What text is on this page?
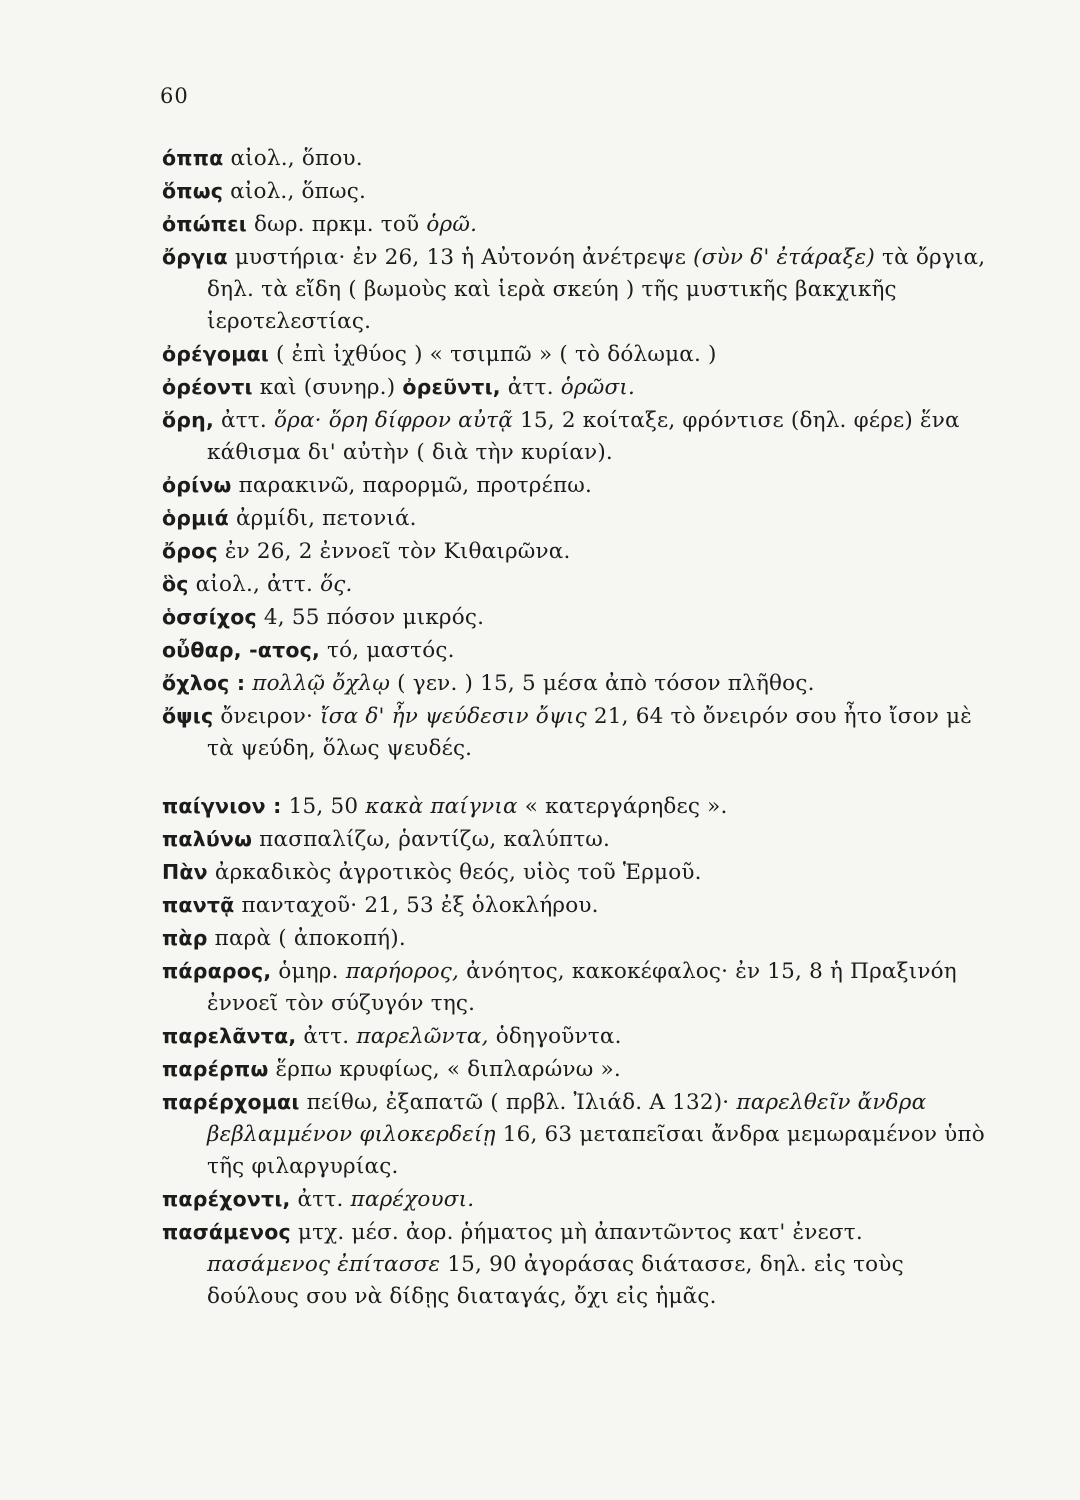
60
όππα αἰολ., ὅπου.
ὅπως αἰολ., ὅπως.
ὀπώπει δωρ. πρκμ. τοῦ ὁρῶ.
ὄργια μυστήρια· ἐν 26, 13 ἡ Αὐτονόη ἀνέτρεψε (σὺν δ' ἐτάραξε) τὰ ὄργια, δηλ. τὰ εἴδη ( βωμοὺς καὶ ἱερὰ σκεύη ) τῆς μυστικῆς βακχικῆς ἱεροτελεστίας.
ὀρέγομαι ( ἐπὶ ἰχθύος ) « τσιμπῶ » ( τὸ δόλωμα. )
ὀρέοντι καὶ (συνηρ.) ὀρεῦντι, ἀττ. ὁρῶσι.
ὅρη, ἀττ. ὅρα· ὅρη δίφρον αὐτᾷ 15, 2 κοίταξε, φρόντισε (δηλ. φέρε) ἕνα κάθισμα δι' αὐτὴν ( διὰ τὴν κυρίαν).
ὀρίνω παρακινῶ, παρορμῶ, προτρέπω.
ὁρμιά ἀρμίδι, πετονιά.
ὄρος ἐν 26, 2 ἐννοεῖ τὸν Κιθαιρῶνα.
ὃς αἰολ., ἀττ. ὅς.
ὁσσίχος 4, 55 πόσον μικρός.
οὖθαρ, -ατος, τό, μαστός.
ὄχλος : πολλῷ ὄχλῳ ( γεν. ) 15, 5 μέσα ἀπὸ τόσον πλῆθος.
ὄψις ὄνειρον· ἴσα δ' ἦν ψεύδεσιν ὄψις 21, 64 τὸ ὄνειρόν σου ἦτο ἴσον μὲ τὰ ψεύδη, ὅλως ψευδές.
παίγνιον : 15, 50 κακὰ παίγνια « κατεργάρηδες ».
παλύνω πασπαλίζω, ῥαντίζω, καλύπτω.
Πὰν ἀρκαδικὸς ἀγροτικὸς θεός, υἱὸς τοῦ Ἑρμοῦ.
παντᾷ πανταχοῦ· 21, 53 ἐξ ὁλοκλήρου.
πὰρ παρὰ ( ἀποκοπή).
πάραρος, ὁμηρ. παρήορος, ἀνόητος, κακοκέφαλος· ἐν 15, 8 ἡ Πραξινόη ἐννοεῖ τὸν σύζυγόν της.
παρελᾶντα, ἀττ. παρελῶντα, ὁδηγοῦντα.
παρέρπω ἕρπω κρυφίως, « διπλαρώνω ».
παρέρχομαι πείθω, ἐξαπατῶ ( πρβλ. Ἰλιάδ. Α 132)· παρελθεῖν ἄνδρα βεβλαμμένον φιλοκερδείῃ 16, 63 μεταπεῖσαι ἄνδρα μεμωραμένον ὑπὸ τῆς φιλαργυρίας.
παρέχοντι, ἀττ. παρέχουσι.
πασάμενος μτχ. μέσ. ἀορ. ῥήματος μὴ ἀπαντῶντος κατ' ἐνεστ. πασάμενος ἐπίτασσε 15, 90 ἀγοράσας διάτασσε, δηλ. εἰς τοὺς δούλους σου νὰ δίδῃς διαταγάς, ὄχι εἰς ἡμᾶς.
